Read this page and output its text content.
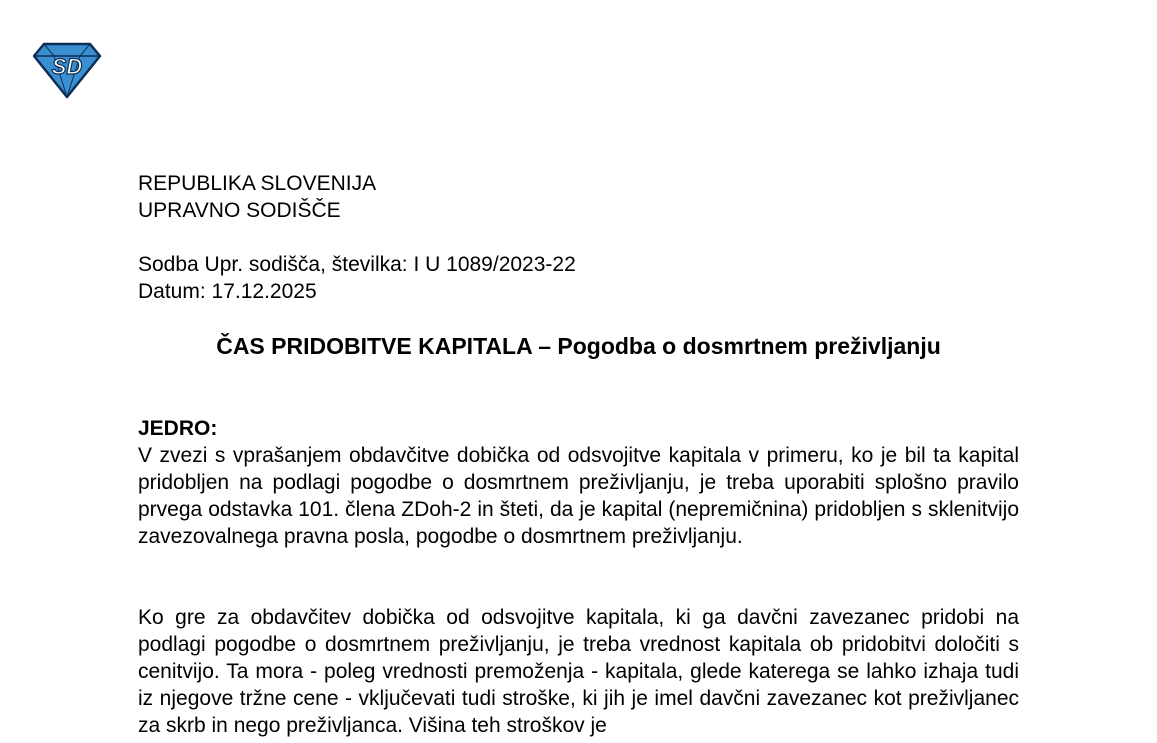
SD
REPUBLIKA SLOVENIJA
UPRAVNO SODIŠČE
Sodba Upr. sodišča, številka: I U 1089/2023-22
Datum: 17.12.2025
ČAS PRIDOBITVE KAPITALA – Pogodba o dosmrtnem preživljanju
JEDRO:
V zvezi s vprašanjem obdavčitve dobička od odsvojitve kapitala v primeru, ko je bil ta kapital pridobljen na podlagi pogodbe o dosmrtnem preživljanju, je treba uporabiti splošno pravilo prvega odstavka 101. člena ZDoh-2 in šteti, da je kapital (nepremičnina) pridobljen s sklenitvijo zavezovalnega pravna posla, pogodbe o dosmrtnem preživljanju.
Ko gre za obdavčitev dobička od odsvojitve kapitala, ki ga davčni zavezanec pridobi na podlagi pogodbe o dosmrtnem preživljanju, je treba vrednost kapitala ob pridobitvi določiti s cenitvijo. Ta mora - poleg vrednosti premoženja - kapitala, glede katerega se lahko izhaja tudi iz njegove tržne cene - vključevati tudi stroške, ki jih je imel davčni zavezanec kot preživljanec za skrb in nego preživljanca. Višina teh stroškov je
